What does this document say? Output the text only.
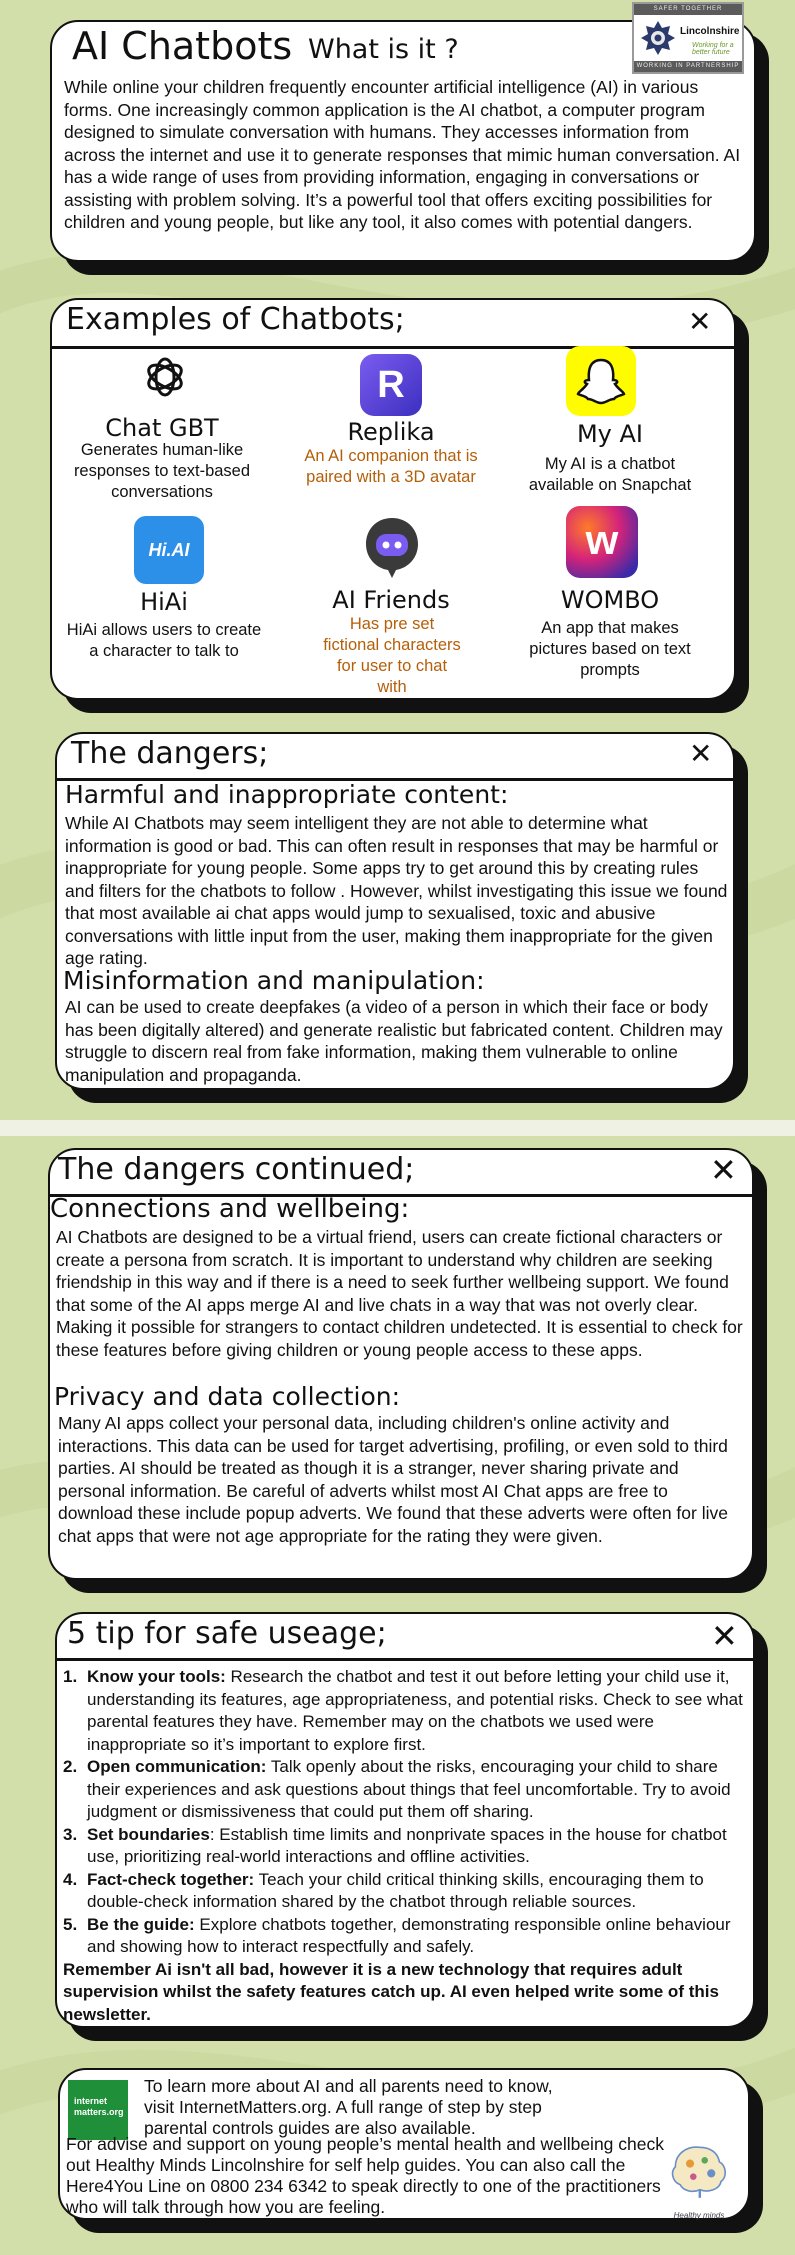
AI Chatbots What is it ?

While online your children frequently encounter artificial intelligence (AI) in various forms. One increasingly common application is the AI chatbot, a computer program designed to simulate conversation with humans. They accesses information from across the internet and use it to generate responses that mimic human conversation. AI has a wide range of uses from providing information, engaging in conversations or assisting with problem solving. It’s a powerful tool that offers exciting possibilities for children and young people, but like any tool, it also comes with potential dangers.

SAFER TOGETHER
Lincolnshire
Working for a better future
WORKING IN PARTNERSHIP
Examples of Chatbots;	✕
Chat GBT
Generates human-like responses to text-based conversations
R
Replika
An AI companion that is paired with a 3D avatar
My AI
My AI is a chatbot available on Snapchat
Hi.AI
HiAi
HiAi allows users to create a character to talk to
AI Friends
Has pre set fictional characters for user to chat with
w
WOMBO
An app that makes pictures based on text prompts
The dangers;	✕
Harmful and inappropriate content:

While AI Chatbots may seem intelligent they are not able to determine what information is good or bad. This can often result in responses that may be harmful or inappropriate for young people. Some apps try to get around this by creating rules and filters for the chatbots to follow . However, whilst investigating this issue we found that most available ai chat apps would jump to sexualised, toxic and abusive conversations with little input from the user, making them inappropriate for the given age rating.

Misinformation and manipulation:

AI can be used to create deepfakes (a video of a person in which their face or body has been digitally altered) and generate realistic but fabricated content. Children may struggle to discern real from fake information, making them vulnerable to online manipulation and propaganda.

The dangers continued;	✕
Connections and wellbeing:

AI Chatbots are designed to be a virtual friend, users can create fictional characters or create a persona from scratch. It is important to understand why children are seeking friendship in this way and if there is a need to seek further wellbeing support. We found that some of the AI apps merge AI and live chats in a way that was not overly clear. Making it possible for strangers to contact children undetected. It is essential to check for these features before giving children or young people access to these apps.

Privacy and data collection:

Many AI apps collect your personal data, including children's online activity and interactions. This data can be used for target advertising, profiling, or even sold to third parties. AI should be treated as though it is a stranger, never sharing private and personal information. Be careful of adverts whilst most AI Chat apps are free to download these include popup adverts. We found that these adverts were often for live chat apps that were not age appropriate for the rating they were given.

5 tip for safe useage;	✕
1. Know your tools: Research the chatbot and test it out before letting your child use it, understanding its features, age appropriateness, and potential risks. Check to see what parental features they have. Remember may on the chatbots we used were inappropriate so it’s important to explore first.
2. Open communication: Talk openly about the risks, encouraging your child to share their experiences and ask questions about things that feel uncomfortable. Try to avoid judgment or dismissiveness that could put them off sharing.
3. Set boundaries: Establish time limits and nonprivate spaces in the house for chatbot use, prioritizing real-world interactions and offline activities.
4. Fact-check together: Teach your child critical thinking skills, encouraging them to double-check information shared by the chatbot through reliable sources.
5. Be the guide: Explore chatbots together, demonstrating responsible online behaviour and showing how to interact respectfully and safely.

Remember Ai isn't all bad, however it is a new technology that requires adult supervision whilst the safety features catch up. AI even helped write some of this newsletter.

internet matters.org

To learn more about AI and all parents need to know, visit InternetMatters.org. A full range of step by step parental controls guides are also available.

For advise and support on young people’s mental health and wellbeing check out Healthy Minds Lincolnshire for self help guides. You can also call the Here4You Line on 0800 234 6342 to speak directly to one of the practitioners who will talk through how you are feeling.	Healthy minds
